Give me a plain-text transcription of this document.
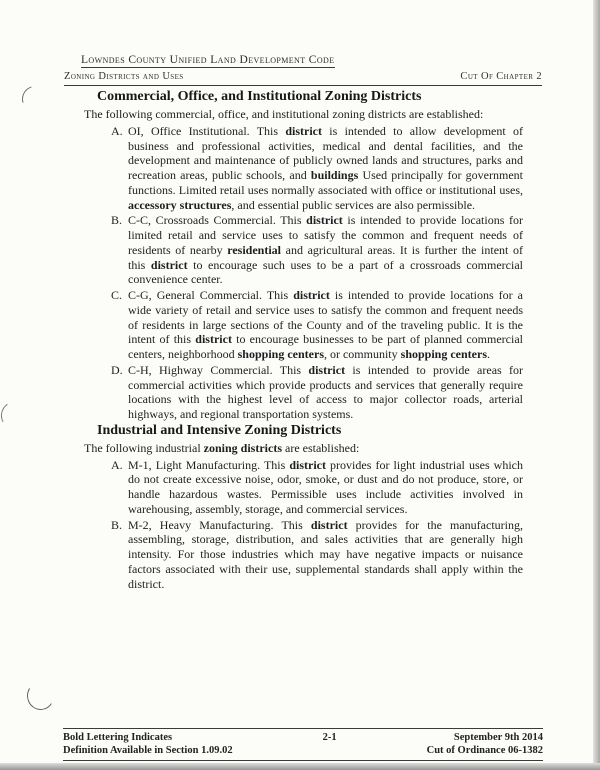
Lowndes County Unified Land Development Code
Zoning Districts and Uses	Cut Of Chapter 2
Commercial, Office, and Institutional Zoning Districts
The following commercial, office, and institutional zoning districts are established:
A. OI, Office Institutional. This district is intended to allow development of business and professional activities, medical and dental facilities, and the development and maintenance of publicly owned lands and structures, parks and recreation areas, public schools, and buildings Used principally for government functions. Limited retail uses normally associated with office or institutional uses, accessory structures, and essential public services are also permissible.
B. C-C, Crossroads Commercial. This district is intended to provide locations for limited retail and service uses to satisfy the common and frequent needs of residents of nearby residential and agricultural areas. It is further the intent of this district to encourage such uses to be a part of a crossroads commercial convenience center.
C. C-G, General Commercial. This district is intended to provide locations for a wide variety of retail and service uses to satisfy the common and frequent needs of residents in large sections of the County and of the traveling public. It is the intent of this district to encourage businesses to be part of planned commercial centers, neighborhood shopping centers, or community shopping centers.
D. C-H, Highway Commercial. This district is intended to provide areas for commercial activities which provide products and services that generally require locations with the highest level of access to major collector roads, arterial highways, and regional transportation systems.
Industrial and Intensive Zoning Districts
The following industrial zoning districts are established:
A. M-1, Light Manufacturing. This district provides for light industrial uses which do not create excessive noise, odor, smoke, or dust and do not produce, store, or handle hazardous wastes. Permissible uses include activities involved in warehousing, assembly, storage, and commercial services.
B. M-2, Heavy Manufacturing. This district provides for the manufacturing, assembling, storage, distribution, and sales activities that are generally high intensity. For those industries which may have negative impacts or nuisance factors associated with their use, supplemental standards shall apply within the district.
Bold Lettering Indicates
Definition Available in Section 1.09.02
2-1	September 9th 2014
Cut of Ordinance 06-1382
